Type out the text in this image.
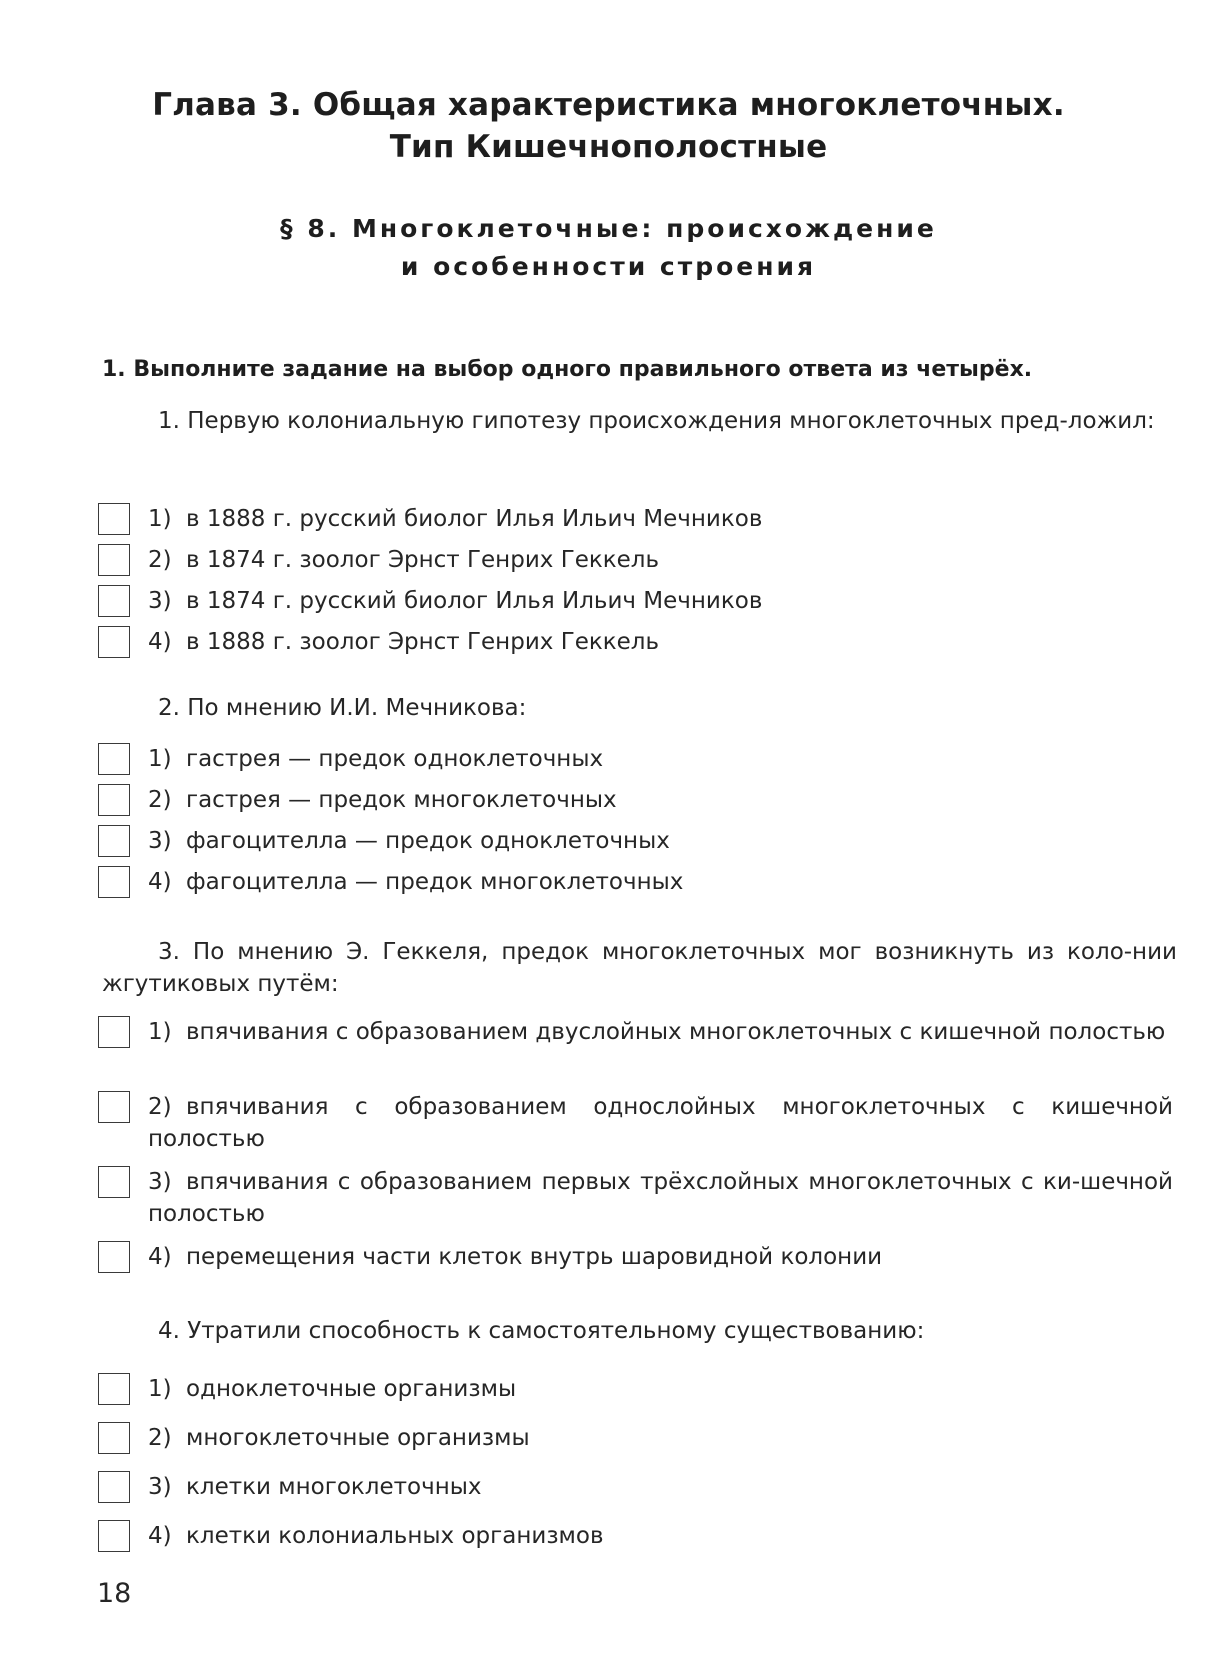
Глава 3. Общая характеристика многоклеточных.
Тип Кишечнополостные
§ 8. Многоклеточные: происхождение
и особенности строения
1. Выполните задание на выбор одного правильного ответа из четырёх.

1. Первую колониальную гипотезу происхождения многоклеточных пред-ложил:

1) в 1888 г. русский биолог Илья Ильич Мечников
2) в 1874 г. зоолог Эрнст Генрих Геккель
3) в 1874 г. русский биолог Илья Ильич Мечников
4) в 1888 г. зоолог Эрнст Генрих Геккель

2. По мнению И.И. Мечникова:

1) гастрея — предок одноклеточных
2) гастрея — предок многоклеточных
3) фагоцителла — предок одноклеточных
4) фагоцителла — предок многоклеточных

3. По мнению Э. Геккеля, предок многоклеточных мог возникнуть из коло-нии жгутиковых путём:

1) впячивания с образованием двуслойных многоклеточных с кишечной полостью
2) впячивания с образованием однослойных многоклеточных с кишечной полостью
3) впячивания с образованием первых трёхслойных многоклеточных с ки-шечной полостью
4) перемещения части клеток внутрь шаровидной колонии

4. Утратили способность к самостоятельному существованию:

1) одноклеточные организмы
2) многоклеточные организмы
3) клетки многоклеточных
4) клетки колониальных организмов
18
